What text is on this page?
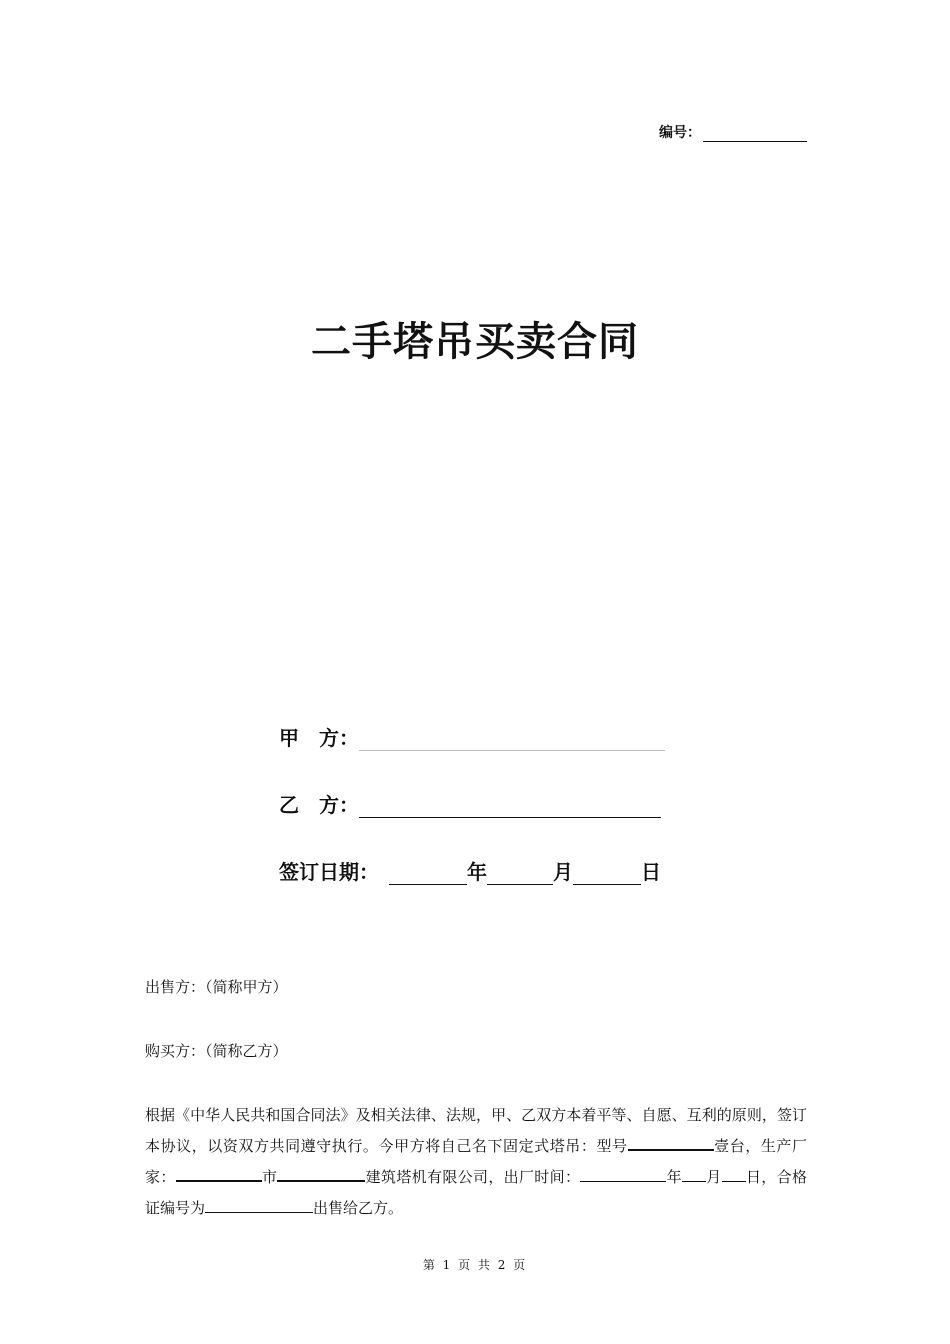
编号：
二手塔吊买卖合同
甲　方：
乙　方：
签订日期：	年	月	日
出售方：（简称甲方）
购买方：（简称乙方）
根据《中华人民共和国合同法》及相关法律、法规，甲、乙双方本着平等、自愿、互利的原则，签订本协议，以资双方共同遵守执行。今甲方将自己名下固定式塔吊：型号	壹台，生产厂家：	市	建筑塔机有限公司，出厂时间：	年 月 日，合格证编号为	出售给乙方。
第 1 页 共 2 页
